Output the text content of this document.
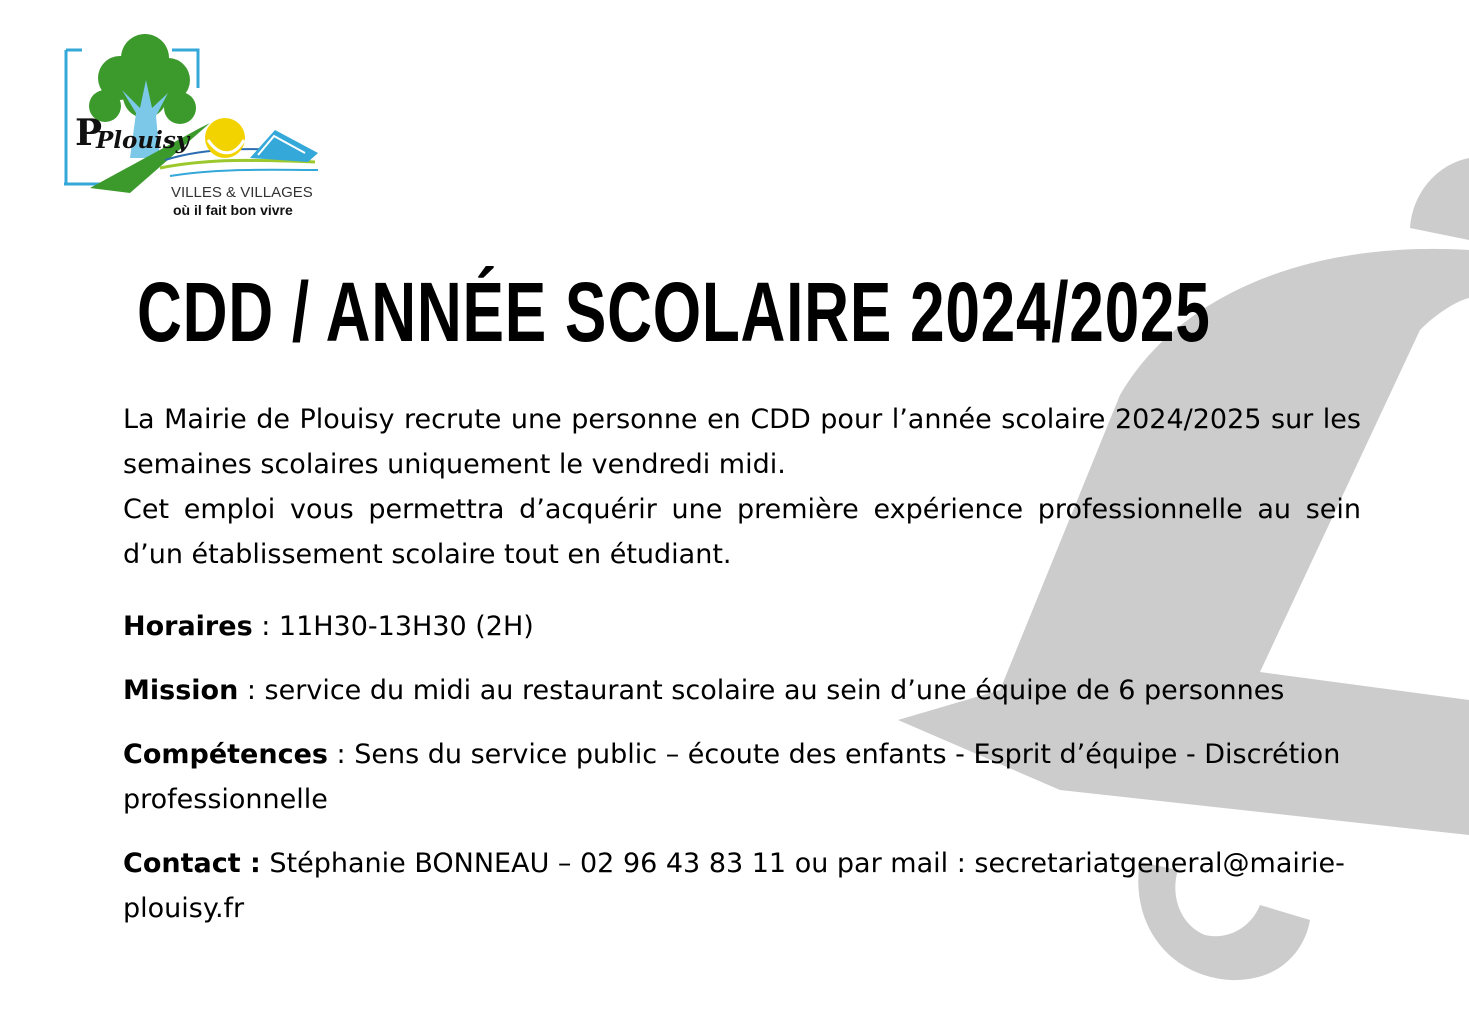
P
Plouisy
VILLES & VILLAGES
où il fait bon vivre
CDD / ANNÉE SCOLAIRE 2024/2025

La Mairie de Plouisy recrute une personne en CDD pour l’année scolaire 2024/2025 sur les semaines scolaires uniquement le vendredi midi.

Cet emploi vous permettra d’acquérir une première expérience professionnelle au sein d’un établissement scolaire tout en étudiant.

Horaires : 11H30-13H30 (2H)

Mission : service du midi au restaurant scolaire au sein d’une équipe de 6 personnes

Compétences : Sens du service public – écoute des enfants - Esprit d’équipe - Discrétion professionnelle

Contact : Stéphanie BONNEAU – 02 96 43 83 11 ou par mail : secretariatgeneral@mairie-plouisy.fr
